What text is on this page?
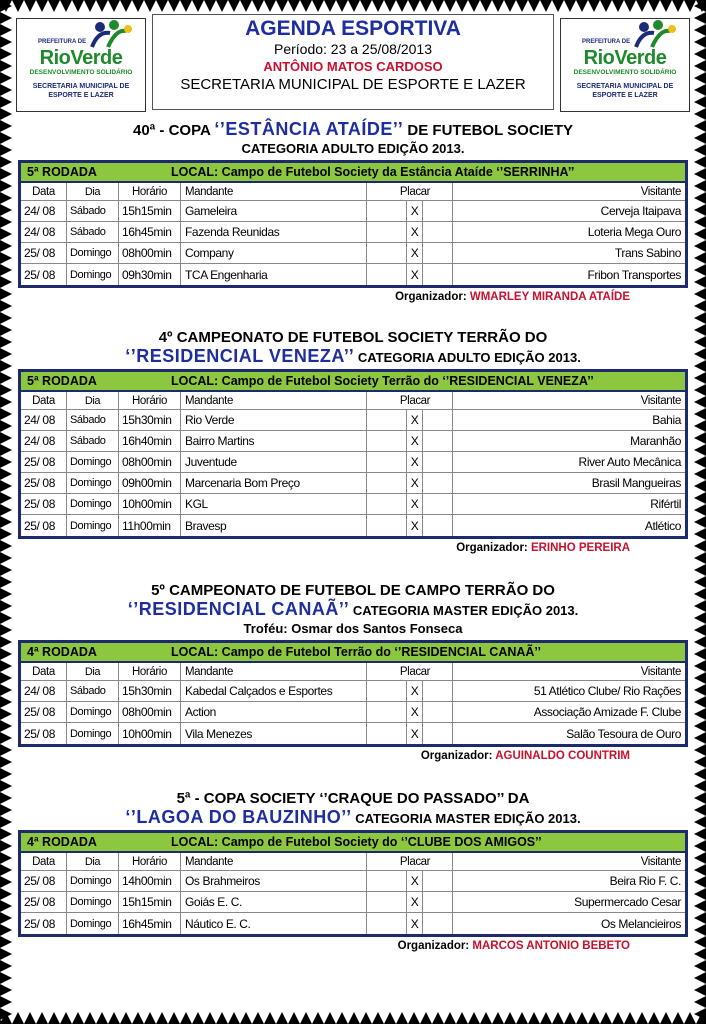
PREFEITURA DE
RioVerde
DESENVOLVIMENTO SOLIDÁRIO
SECRETARIA MUNICIPAL DE
ESPORTE E LAZER
AGENDA ESPORTIVA
Período: 23 a 25/08/2013
ANTÔNIO MATOS CARDOSO
SECRETARIA MUNICIPAL DE ESPORTE E LAZER
PREFEITURA DE
RioVerde
DESENVOLVIMENTO SOLIDÁRIO
SECRETARIA MUNICIPAL DE
ESPORTE E LAZER
40ª - COPA ‘’ESTÂNCIA ATAÍDE’’ DE FUTEBOL SOCIETY
CATEGORIA ADULTO EDIÇÃO 2013.
5ª RODADA	LOCAL: Campo de Futebol Society da Estância Ataíde ‘’SERRINHA’’
Data	Dia	Horário	Mandante	Placar	Visitante
24/ 08	Sábado	15h15min	Gameleira	X	Cerveja Itaipava
24/ 08	Sábado	16h45min	Fazenda Reunidas	X	Loteria Mega Ouro
25/ 08	Domingo 08h00min	Company	X	Trans Sabino
25/ 08	Domingo 09h30min	TCA Engenharia	X	Fribon Transportes
Organizador: WMARLEY MIRANDA ATAÍDE
4º CAMPEONATO DE FUTEBOL SOCIETY TERRÃO DO
‘’RESIDENCIAL VENEZA’’ CATEGORIA ADULTO EDIÇÃO 2013.
5ª RODADA	LOCAL: Campo de Futebol Society Terrão do ‘’RESIDENCIAL VENEZA’’
Data	Dia	Horário	Mandante	Placar	Visitante
24/ 08	Sábado	15h30min	Rio Verde	X	Bahia
24/ 08	Sábado	16h40min	Bairro Martins	X	Maranhão
25/ 08	Domingo 08h00min	Juventude	X	River Auto Mecânica
25/ 08	Domingo 09h00min	Marcenaria Bom Preço	X	Brasil Mangueiras
25/ 08	Domingo 10h00min	KGL	X	Rifértil
25/ 08	Domingo 11h00min	Bravesp	X	Atlético
Organizador: ERINHO PEREIRA
5º CAMPEONATO DE FUTEBOL DE CAMPO TERRÃO DO
‘’RESIDENCIAL CANAÃ’’ CATEGORIA MASTER EDIÇÃO 2013.
Troféu: Osmar dos Santos Fonseca
4ª RODADA	LOCAL: Campo de Futebol Terrão do ‘’RESIDENCIAL CANAÃ’’
Data	Dia	Horário	Mandante	Placar	Visitante
24/ 08	Sábado	15h30min	Kabedal Calçados e Esportes	X	51 Atlético Clube/ Rio Rações
25/ 08	Domingo 08h00min	Action	X	Associação Amizade F. Clube
25/ 08	Domingo 10h00min	Vila Menezes	X	Salão Tesoura de Ouro
Organizador: AGUINALDO COUNTRIM
5ª - COPA SOCIETY ‘’CRAQUE DO PASSADO’’ DA
‘’LAGOA DO BAUZINHO’’ CATEGORIA MASTER EDIÇÃO 2013.
4ª RODADA	LOCAL: Campo de Futebol Society do ‘’CLUBE DOS AMIGOS’’
Data	Dia	Horário	Mandante	Placar	Visitante
25/ 08	Domingo 14h00min	Os Brahmeiros	X	Beira Rio F. C.
25/ 08	Domingo 15h15min	Goiás E. C.	X	Supermercado Cesar
25/ 08	Domingo 16h45min	Náutico E. C.	X	Os Melancieiros
Organizador: MARCOS ANTONIO BEBETO
